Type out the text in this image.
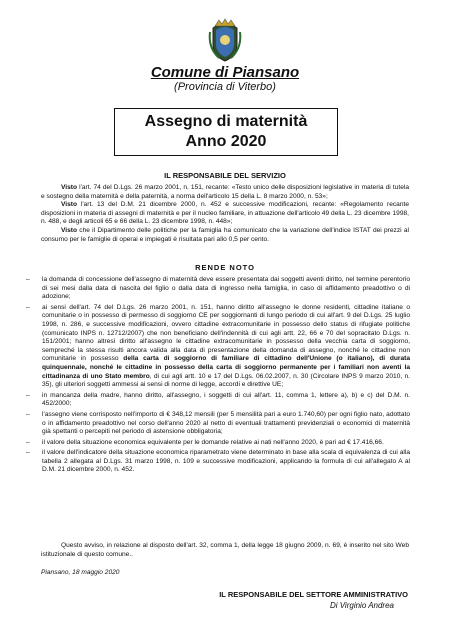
Comune di Piansano
(Provincia di Viterbo)
Assegno di maternità
Anno 2020
IL RESPONSABILE DEL SERVIZIO

Visto l'art. 74 del D.Lgs. 26 marzo 2001, n. 151, recante: «Testo unico delle disposizioni legislative in materia di tutela e sostegno della maternità e della paternità, a norma dell'articolo 15 della L. 8 marzo 2000, n. 53»;

Visto l'art. 13 del D.M. 21 dicembre 2000, n. 452 e successive modificazioni, recante: «Regolamento recante disposizioni in materia di assegni di maternità e per il nucleo familiare, in attuazione dell'articolo 49 della L. 23 dicembre 1998, n. 488, e degli articoli 65 e 66 della L. 23 dicembre 1998, n. 448»;

Visto che il Dipartimento delle politiche per la famiglia ha comunicato che la variazione dell'indice ISTAT dei prezzi al consumo per le famiglie di operai e impiegati è risultata pari allo 0,5 per cento.

RENDE NOTO
– la domanda di concessione dell'assegno di maternità deve essere presentata dai soggetti aventi diritto, nel termine perentorio di sei mesi dalla data di nascita del figlio o dalla data di ingresso nella famiglia, in caso di affidamento preadottivo o di adozione;
– ai sensi dell'art. 74 del D.Lgs. 26 marzo 2001, n. 151, hanno diritto all'assegno le donne residenti, cittadine italiane o comunitarie o in possesso di permesso di soggiorno CE per soggiornanti di lungo periodo di cui all'art. 9 del D.Lgs. 25 luglio 1998, n. 286, e successive modificazioni, ovvero cittadine extracomunitarie in possesso dello status di rifugiate politiche (comunicato INPS n. 12712/2007) che non beneficiano dell'indennità di cui agli artt. 22, 66 e 70 del sopracitato D.Lgs. n. 151/2001; hanno altresì diritto all'assegno le cittadine extracomunitarie in possesso della vecchia carta di soggiorno, sempreché la stessa risulti ancora valida alla data di presentazione della domanda di assegno, nonché le cittadine non comunitarie in possesso della carta di soggiorno di familiare di cittadino dell'Unione (o italiano), di durata quinquennale, nonché le cittadine in possesso della carta di soggiorno permanente per i familiari non aventi la cittadinanza di uno Stato membro, di cui agli artt. 10 e 17 del D.Lgs. 06.02.2007, n. 30 (Circolare INPS 9 marzo 2010, n. 35), gli ulteriori soggetti ammessi ai sensi di norme di legge, accordi e direttive UE;
– in mancanza della madre, hanno diritto, all'assegno, i soggetti di cui all'art. 11, comma 1, lettere a), b) e c) del D.M. n. 452/2000;
– l'assegno viene corrisposto nell'importo di € 348,12 mensili (per 5 mensilità pari a euro 1.740,60) per ogni figlio nato, adottato o in affidamento preadottivo nel corso dell'anno 2020 al netto di eventuali trattamenti previdenziali o economici di maternità già spettanti o percepiti nel periodo di astensione obbligatoria;
– il valore della situazione economica equivalente per le domande relative ai nati nell'anno 2020, è pari ad € 17.416,66.
– il valore dell'indicatore della situazione economica riparametrato viene determinato in base alla scala di equivalenza di cui alla tabella 2 allegata al D.Lgs. 31 marzo 1998, n. 109 e successive modificazioni, applicando la formula di cui all'allegato A al D.M. 21 dicembre 2000, n. 452.
Questo avviso, in relazione al disposto dell'art. 32, comma 1, della legge 18 giugno 2009, n. 69, è inserito nel sito Web istituzionale di questo comune..
Piansano, 18 maggio 2020
IL RESPONSABILE DEL SETTORE AMMINISTRATIVO
Di Virginio Andrea
